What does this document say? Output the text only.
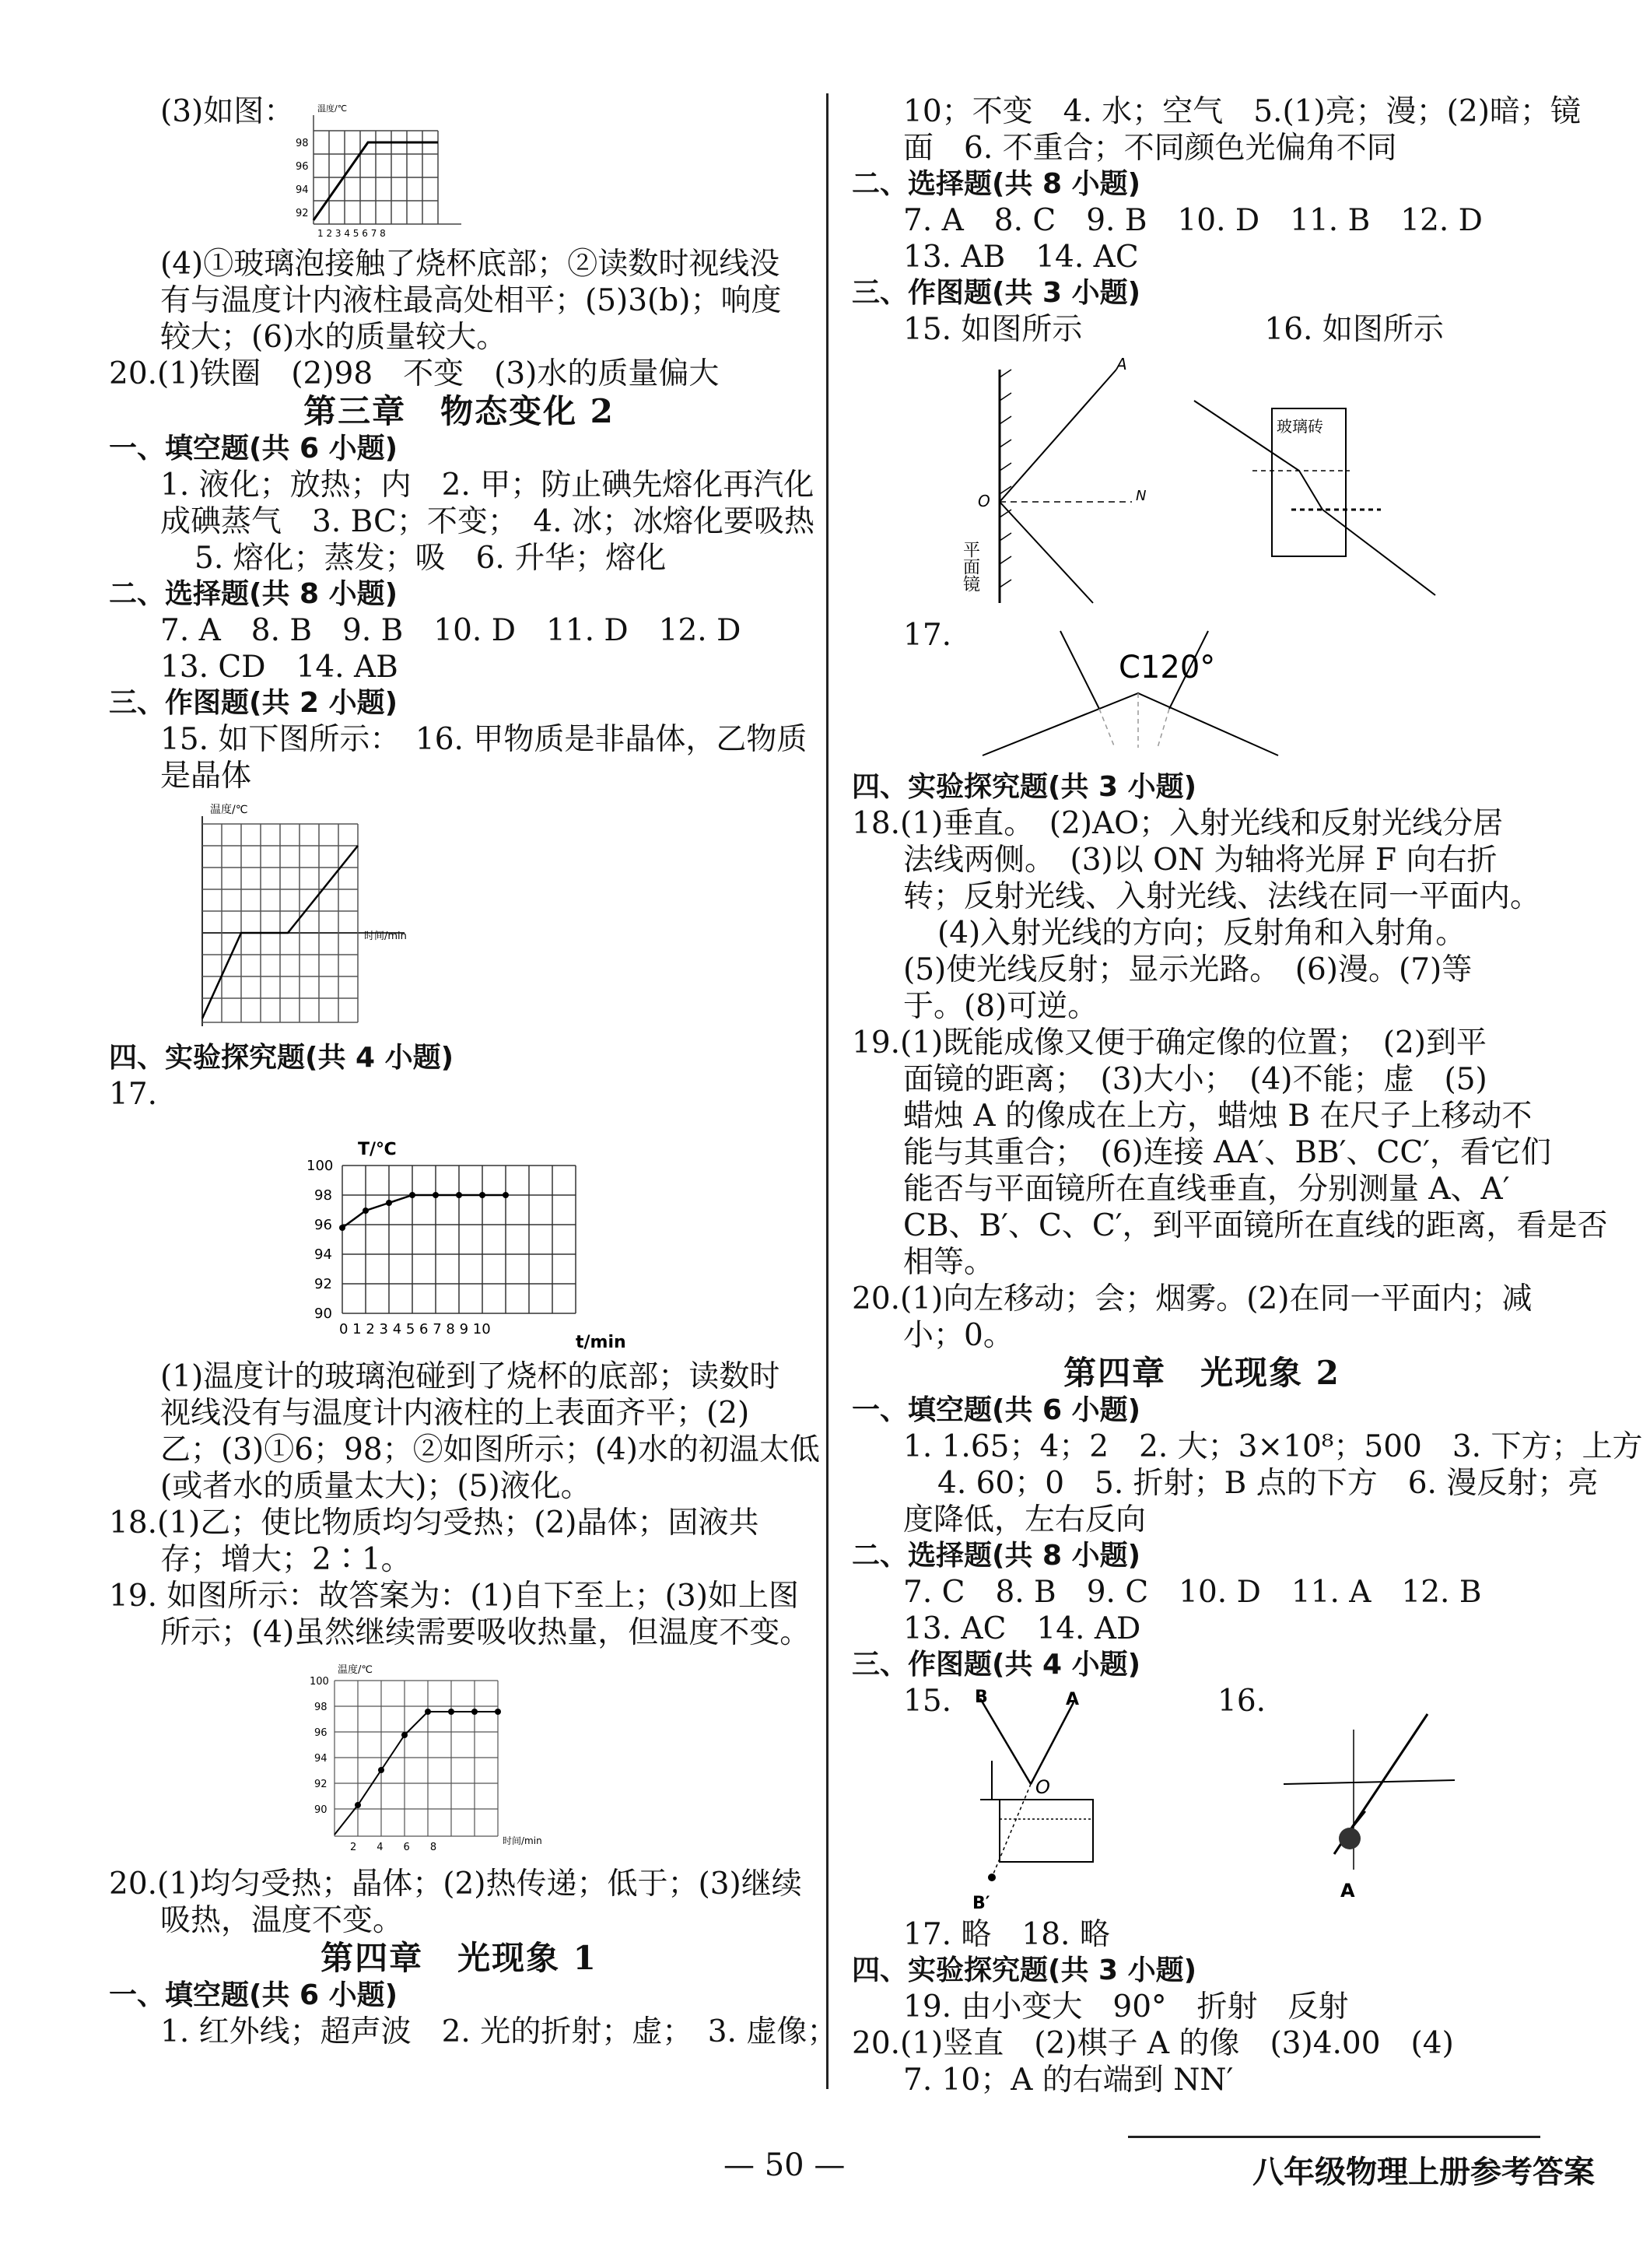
(3)如图：
98
96
94
92
1 2 3 4 5 6 7 8
温度/℃
(4)①玻璃泡接触了烧杯底部；②读数时视线没
有与温度计内液柱最高处相平；(5)3(b)；响度
较大；(6)水的质量较大。
20.(1)铁圈　(2)98　不变　(3)水的质量偏大
第三章　物态变化 2
一、填空题(共 6 小题)
1. 液化；放热；内　2. 甲；防止碘先熔化再汽化
成碘蒸气　3. BC；不变；　4. 冰；冰熔化要吸热
5. 熔化；蒸发；吸　6. 升华；熔化
二、选择题(共 8 小题)
7. A　8. B　9. B　10. D　11. D　12. D
13. CD　14. AB
三、作图题(共 2 小题)
15. 如下图所示：　16. 甲物质是非晶体，乙物质
是晶体
温度/℃
时间/min
四、实验探究题(共 4 小题)
17.
100
98
96
94
92
90
0 1 2 3 4 5 6 7 8 9 10
T/℃
t/min
(1)温度计的玻璃泡碰到了烧杯的底部；读数时
视线没有与温度计内液柱的上表面齐平；(2)
乙；(3)①6；98；②如图所示；(4)水的初温太低
(或者水的质量太大)；(5)液化。
18.(1)乙；使比物质均匀受热；(2)晶体；固液共
存；增大；2∶1。
19. 如图所示：故答案为：(1)自下至上；(3)如上图
所示；(4)虽然继续需要吸收热量，但温度不变。
100
98
96
94
92
90
2　　4　　6　　8
温度/℃
时间/min
20.(1)均匀受热；晶体；(2)热传递；低于；(3)继续
吸热，温度不变。
第四章　光现象 1
一、填空题(共 6 小题)
1. 红外线；超声波　2. 光的折射；虚；　3. 虚像；
10；不变　4. 水；空气　5.(1)亮；漫；(2)暗；镜
面　6. 不重合；不同颜色光偏角不同
二、选择题(共 8 小题)
7. A　8. C　9. B　10. D　11. B　12. D
13. AB　14. AC
三、作图题(共 3 小题)
15. 如图所示　　　　　　16. 如图所示
A
N
O
平面镜
玻璃砖
17.
C120°
四、实验探究题(共 3 小题)
18.(1)垂直。　(2)AO；入射光线和反射光线分居
法线两侧。　(3)以 ON 为轴将光屏 F 向右折
转；反射光线、入射光线、法线在同一平面内。
(4)入射光线的方向；反射角和入射角。
(5)使光线反射；显示光路。　(6)漫。(7)等
于。(8)可逆。
19.(1)既能成像又便于确定像的位置；　(2)到平
面镜的距离；　(3)大小；　(4)不能；虚　(5)
蜡烛 A 的像成在上方，蜡烛 B 在尺子上移动不
能与其重合；　(6)连接 AA′、BB′、CC′，看它们
能否与平面镜所在直线垂直，分别测量 A、A′
CB、B′、C、C′，到平面镜所在直线的距离，看是否
相等。
20.(1)向左移动；会；烟雾。(2)在同一平面内；减
小；0。
第四章　光现象 2
一、填空题(共 6 小题)
1. 1.65；4；2　2. 大；3×10⁸；500　3. 下方；上方
4. 60；0　5. 折射；B 点的下方　6. 漫反射；亮
度降低，左右反向
二、选择题(共 8 小题)
7. C　8. B　9. C　10. D　11. A　12. B
13. AC　14. AD
三、作图题(共 4 小题)
15.	16.
B	A
O
B′
A
17. 略　18. 略
四、实验探究题(共 3 小题)
19. 由小变大　90°　折射　反射
20.(1)竖直　(2)棋子 A 的像　(3)4.00　(4)
7. 10；A 的右端到 NN′
— 50 —	八年级物理上册参考答案
